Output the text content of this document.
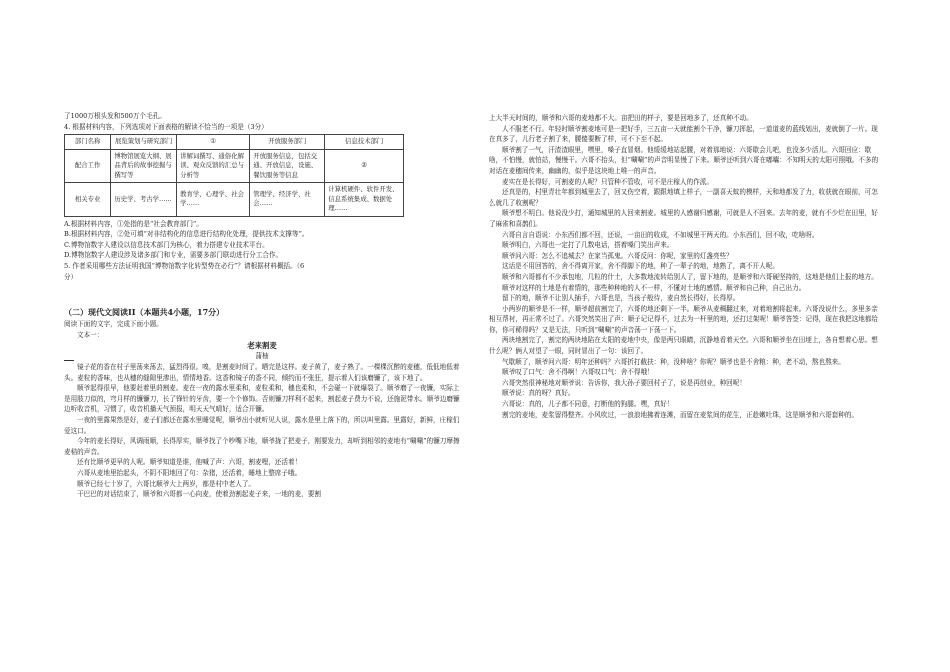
了1000万根头发和500万个毛孔。

4. 根据材料内容，下列选项对下面表格的解读不恰当的一项是（3分）

部门名称	展览策划与研究部门	①	开放服务部门	信息技术部门
配合工作	博物馆展览大纲、展品背后的故事挖掘与撰写等	讲解词撰写、通俗化解读、观众反馈的汇总与分析等	开放服务信息，包括交通、开放信息，设施、餐饮服务等信息	②
相关专业	历史学、考古学……	教育学、心理学、社会学……	管理学、经济学、社会……	计算机硬件、软件开发、信息系统集成、数据处理……

A.根据材料内容，①处指的是“社会教育部门”。

B.根据材料内容，②处可填“对非结构化的信息进行结构化处理，提供技术支撑等”。

C.博物馆数字人建设以信息技术部门为核心，着力搭建专业技术平台。

D.博物馆数字人建设涉及诸多部门和专业，需要多部门联动进行分工合作。

5. 作者采用哪些方法证明我国“博物馆数字化转型势在必行”？请根据材料概括。（6

分）

（二）现代文阅读II（本题共4小题，17分）

阅读下面的文字，完成下面小题。

文本一：

老来割麦

蒲柚

镜子花的香在村子里荡来荡去，猛烈得很。嗅，是割麦时间了。晒完是这样。麦子黄了，麦子熟了。一棵棵沉醉的麦穗，低低地低着头。麦粒的香味，也从穗的缝隙里渗出，情情地香。这香和镜子的香不同，倾约而不张狂，提示着人们该磨镰了，该下地了。

顺爷起得很早，他要赶着里莳割麦。麦在一夜的露水里柔和，麦粒柔和，穗也柔和，不会碰一下就爆裂了。顺爷磨了一夜镰，实际上是用肢刀似的，穹月样的镰镰刀，长了锋针的牙齿，要一个个修饰。否则镰刀样利不起来，割起麦子费力不说，还施泥带水。顺爷边磨镰边听收音机，习惯了，收音机播天气预报，明天天气晴好，适合开镰。

一夜的里露果然是好，麦子们都还在露水里睡觉呢，顺爷出小就听见人说，露水是里上落下的，所以叫里露。里露好，新鲜，庄稼们爱这口。

今年的麦长得好，风调雨顺，长得厚实，顺爷找了个吵嘴下地，顺爷拢了把麦子，刚要发力，却听到相邻的麦地有“唰唰”的镰刀摩擦麦秸的声音。

还有比顺爷更早的人呢。顺爷知道是谁，他喊了声：六哥，割麦哩，还活着！

六哥从麦地里抬起头，不阴不阳地回了句：杂猪，还活着，睡地上整席子哦。

顺爷已经七十岁了，六哥比顺爷大上两岁，都是村中老人了。

干巴巴的对话结束了，顺爷和六哥都一心向麦，使着劲割起麦子来，一地的麦，要割

上大半天时间的，顺爷和六哥的麦地都不大。亩把田的样子，要是回地多了，还真种不动。

人不服老不行。年轻时顺爷割麦地可是一把好手，三五亩一天就能割个干净，镰刀挥起，一道道麦的蓝线划出，麦就倒了一片。现在真多了，儿行老子割了来，腰傻要断了样，可不下至不起。

顺爷割了一气，汗渣渣眼里，嘿里，嗓子直冒烟。他缓缓地站起腰，对着那地说：六哥歇会儿吧，也没多少活儿。六哥回应：歇啥，不怕慢，就怕站，慢慢干。六哥不抬头，但“唰唰”的声音明显慢了下来。顺爷还听到六哥在嘟囔：不知明天的太阳可照哦。不多的对话在麦穗间传来，幽幽的，似乎是这块地上唯一的声音。

麦实在是长得好，可割麦的人呢？只管种不管收，可不是庄稼人的作派。

还真是的，村里青壮年都到城里去了，回又伤空着，跟跟地填上样子，一副喜天蚊的模样，天和地都发了力，收获就在眼前，可怎么就几了收割呢？

顺爷想不明白。他说没少打，通知城里的人回来割麦。城里的人感谢归感谢，可就是人不回来。去年的麦，就有不少烂在田里，好了麻雀和喜鹊们。

六哥自言自语说：小东西们都不回，还说，一亩田的收成，不如城里干两天的。小东西们，回不收，吃啥呀。

顺爷明白，六哥也一定打了几数电话，搭着嗓门笑出声来。

顺爷问六哥：怎么不追城去？在家当孤鬼。六哥反问：你呢，家里的灯盏亮些？

这话是不用回答的，舍不得离开家，舍不得脚下的地，种了一辈子的地，地熟了，离不开人呢。

顺爷和六哥都有不少承包地，几粒的什土，大多数地流转给别人了，留下地的，是顺爷和六哥硬坚持的，这地是他们上报的地方。

顺爷对这样的土地是有着情的，那些种种地的人不一样，不懂对土地的感情。顺爷和自己种，自己出力。

留下的地，顺爷不让别人插手，六哥也是，当孩子般待，麦自然长得好，长得厚。

小两岁的顺爷是不一样，顺爷超前割完了，六哥的地还剩下一半。顺爷从麦稠翻过来，对着地割将起来。六哥没说什么，多里多亲相互帮衬，再正常不过了。六哥突然笑出了声：顺子记记得不，过去为一杆里的地，还打过架呢！顺爷答签：记得，现在我把这地都给你，你可稀得吗？又是无法，只听到“唰唰”的声音荡一下荡一下。

两块地割完了，割完的两块地陷在太阳的麦地中央，像是两只眼睛，沉静地看着天空。六哥和顺爷坐在田埂上，各自想着心思。想什么呢？俩人对望了一眼，同时冒出了一句：该回了。

气歇顺了，顺爷问六哥：明年还种吗？六哥折打截扶：种，没种啥？你呢？顺爷也是不舍粮：种，老不动，熬也熬来。

顺爷叹了口气：舍不得啊！六哥叹口气：舍不得哦！

六哥突然很神秘地对顺爷说：告诉你，我大孙子要回村子了，说是再创业，种回呢！

顺爷说：真的呀？真好。

六哥说：真的，儿子都不同意，打断他的狗腿。嘿，真好！

割完的麦地，麦浆留得整齐。小风吹过，一浪浪地拂着连滩，而留在麦浆间的花生，正趁嫩吐珠，这是顺爷和六哥套种的。
